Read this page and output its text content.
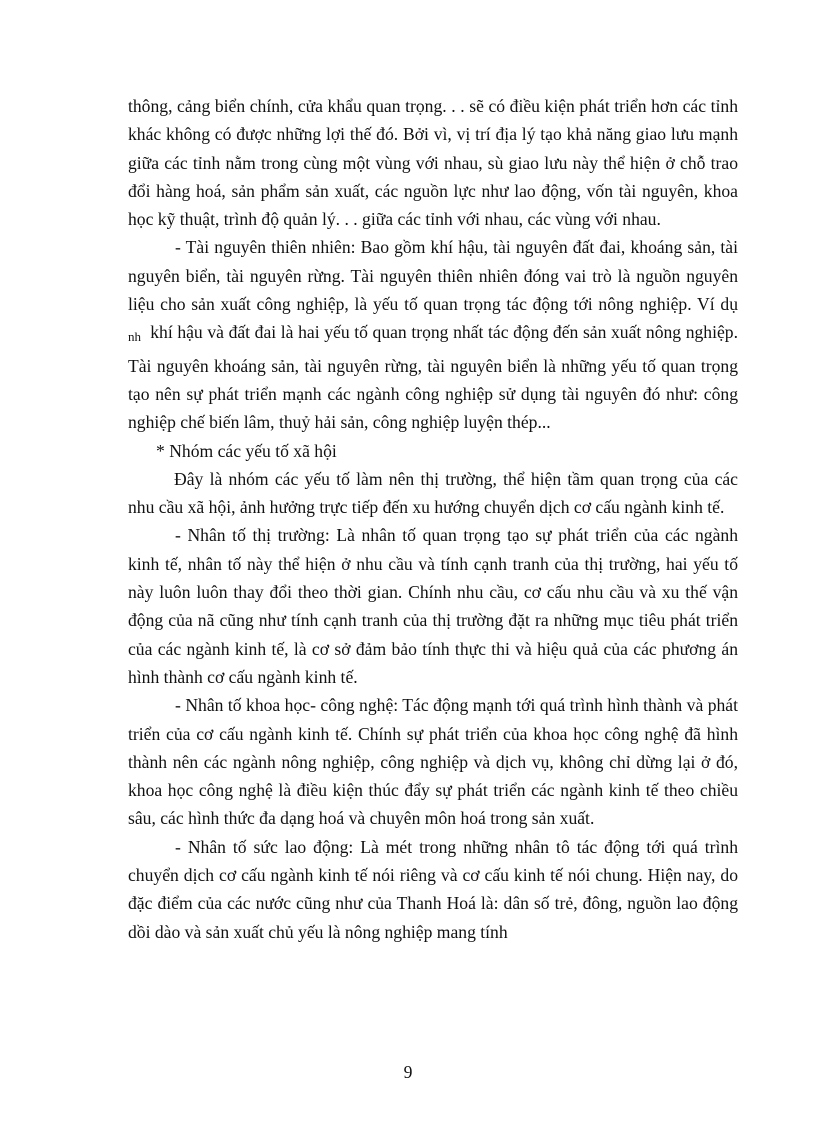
thông, cảng biển chính, cửa khẩu quan trọng. . . sẽ có điều kiện phát triển hơn các tỉnh khác không có được những lợi thế đó. Bởi vì, vị trí địa lý tạo khả năng giao lưu mạnh giữa các tỉnh nằm trong cùng một vùng với nhau, sù giao lưu này thể hiện ở chỗ trao đổi hàng hoá, sản phẩm sản xuất, các nguồn lực như lao động, vốn tài nguyên, khoa học kỹ thuật, trình độ quản lý. . . giữa các tỉnh với nhau, các vùng với nhau.

- Tài nguyên thiên nhiên: Bao gồm khí hậu, tài nguyên đất đai, khoáng sản, tài nguyên biển, tài nguyên rừng. Tài nguyên thiên nhiên đóng vai trò là nguồn nguyên liệu cho sản xuất công nghiệp, là yếu tố quan trọng tác động tới nông nghiệp. Ví dụ $_{nh}$ khí hậu và đất đai là hai yếu tố quan trọng nhất tác động đến sản xuất nông nghiệp. Tài nguyên khoáng sản, tài nguyên rừng, tài nguyên biển là những yếu tố quan trọng tạo nên sự phát triển mạnh các ngành công nghiệp sử dụng tài nguyên đó như: công nghiệp chế biến lâm, thuỷ hải sản, công nghiệp luyện thép...

* Nhóm các yếu tố xã hội

Đây là nhóm các yếu tố làm nên thị trường, thể hiện tầm quan trọng của các nhu cầu xã hội, ảnh hưởng trực tiếp đến xu hướng chuyển dịch cơ cấu ngành kinh tế.

- Nhân tố thị trường: Là nhân tố quan trọng tạo sự phát triển của các ngành kinh tế, nhân tố này thể hiện ở nhu cầu và tính cạnh tranh của thị trường, hai yếu tố này luôn luôn thay đổi theo thời gian. Chính nhu cầu, cơ cấu nhu cầu và xu thế vận động của nã cũng như tính cạnh tranh của thị trường đặt ra những mục tiêu phát triển của các ngành kinh tế, là cơ sở đảm bảo tính thực thi và hiệu quả của các phương án hình thành cơ cấu ngành kinh tế.

- Nhân tố khoa học- công nghệ: Tác động mạnh tới quá trình hình thành và phát triển của cơ cấu ngành kinh tế. Chính sự phát triển của khoa học công nghệ đã hình thành nên các ngành nông nghiệp, công nghiệp và dịch vụ, không chỉ dừng lại ở đó, khoa học công nghệ là điều kiện thúc đẩy sự phát triển các ngành kinh tế theo chiều sâu, các hình thức đa dạng hoá và chuyên môn hoá trong sản xuất.

- Nhân tố sức lao động: Là mét trong những nhân tô tác động tới quá trình chuyển dịch cơ cấu ngành kinh tế nói riêng và cơ cấu kinh tế nói chung. Hiện nay, do đặc điểm của các nước cũng như của Thanh Hoá là: dân số trẻ, đông, nguồn lao động dồi dào và sản xuất chủ yếu là nông nghiệp mang tính

9
